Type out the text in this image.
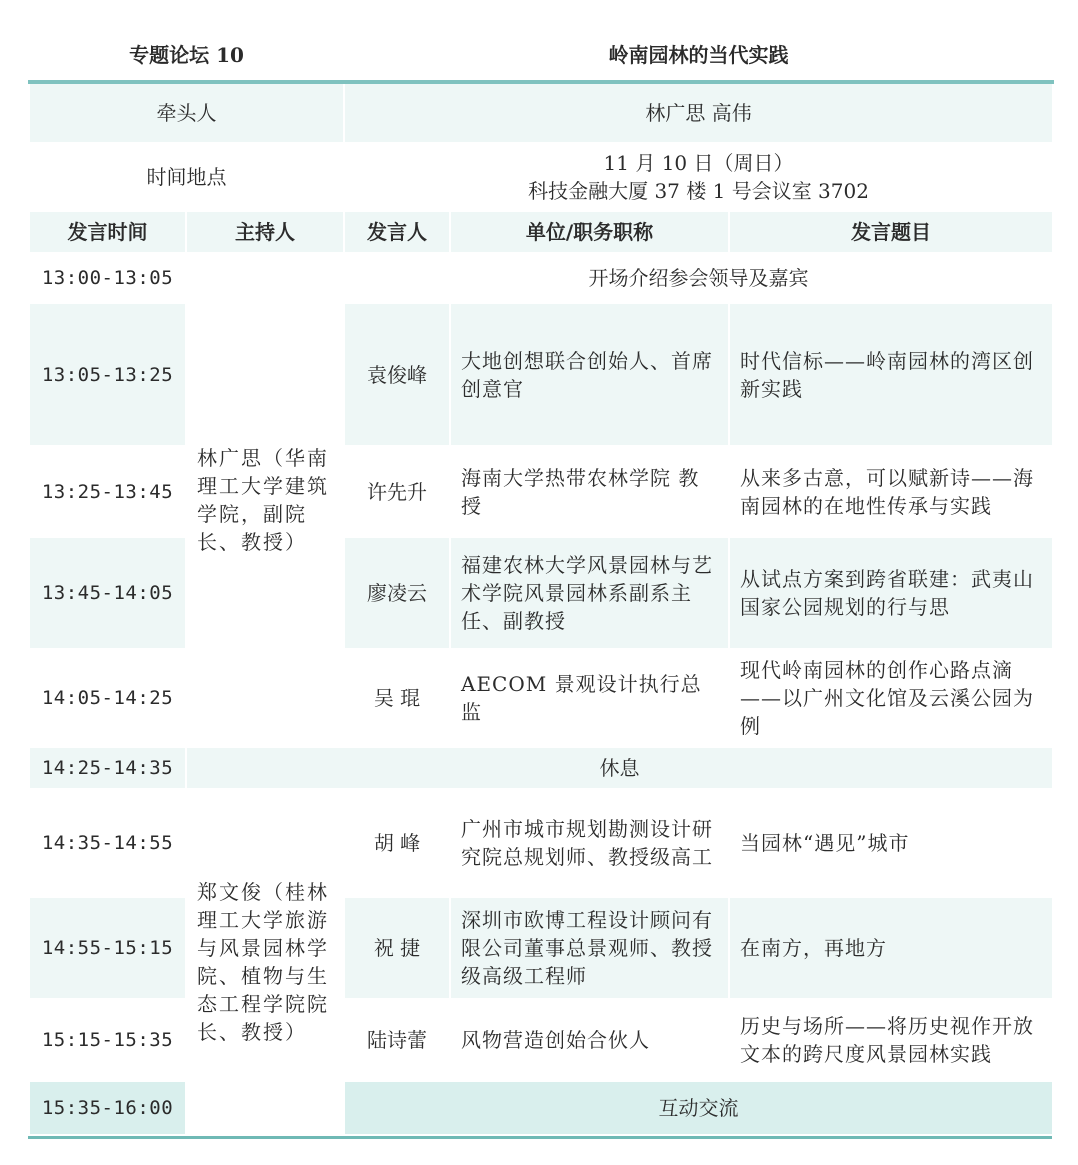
专题论坛 10		岭南园林的当代实践		
牵头人		林广思 高伟		
时间地点		11 月 10 日（周日）
科技金融大厦 37 楼 1 号会议室 3702		

发言时间	主持人	发言人	单位/职务职称	发言题目
13:00-13:05	林广思（华南理工大学建筑学院，副院长、教授）	开场介绍参会领导及嘉宾		
13:05-13:25		袁俊峰	大地创想联合创始人、首席创意官	时代信标——岭南园林的湾区创新实践
13:25-13:45		许先升	海南大学热带农林学院 教授	从来多古意，可以赋新诗——海南园林的在地性传承与实践
13:45-14:05		廖凌云	福建农林大学风景园林与艺术学院风景园林系副系主任、副教授	从试点方案到跨省联建：武夷山国家公园规划的行与思
14:05-14:25		吴 琨	AECOM 景观设计执行总监	现代岭南园林的创作心路点滴——以广州文化馆及云溪公园为例
14:25-14:35	休息			
14:35-14:55	郑文俊（桂林理工大学旅游与风景园林学院、植物与生态工程学院院长、教授）	胡 峰	广州市城市规划勘测设计研究院总规划师、教授级高工	当园林“遇见”城市
14:55-15:15		祝 捷	深圳市欧博工程设计顾问有限公司董事总景观师、教授级高级工程师	在南方，再地方
15:15-15:35		陆诗蕾	风物营造创始合伙人	历史与场所——将历史视作开放文本的跨尺度风景园林实践
15:35-16:00		互动交流		
